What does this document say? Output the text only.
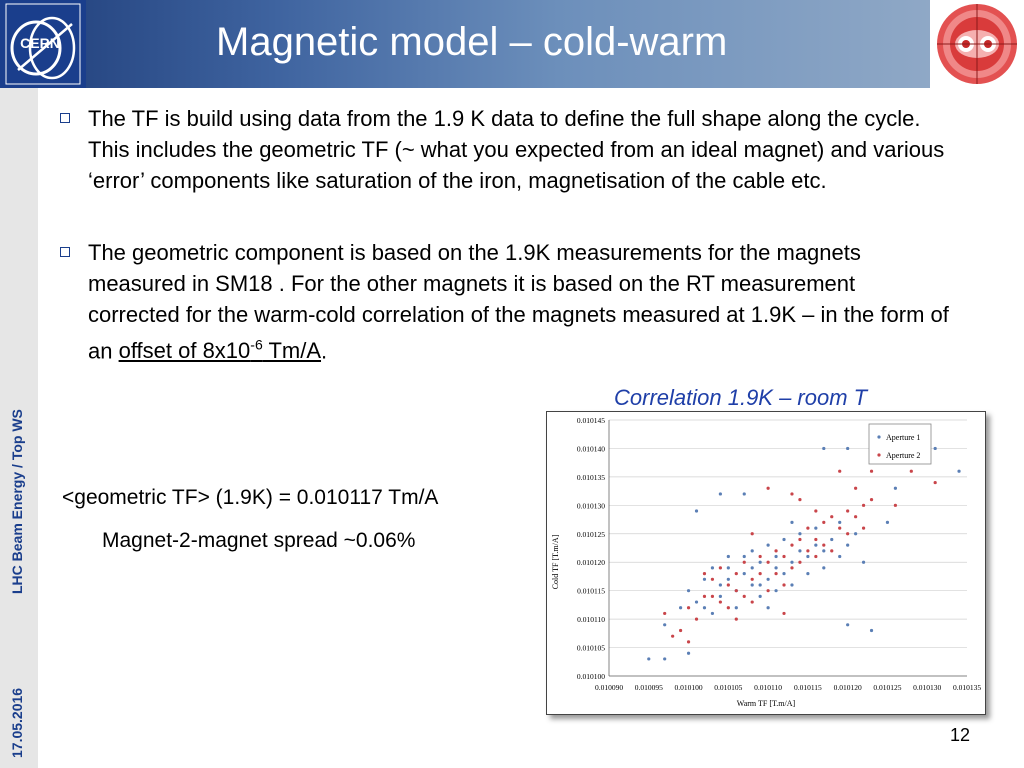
CERN	Magnetic model – cold-warm
LHC Beam Energy / Top WS
17.05.2016
The TF is build using data from the 1.9 K data to define the full shape along the cycle. This includes the geometric TF (~ what you expected from an ideal magnet) and various ‘error’ components like saturation of the iron, magnetisation of the cable etc.
The geometric component is based on the 1.9K measurements for the magnets measured in SM18 . For the other magnets it is based on the RT measurement corrected for the warm-cold correlation of the magnets measured at 1.9K – in the form of an offset of $8x10^{-6}$ Tm/A.
Correlation 1.9K – room T
<geometric TF> (1.9K) = 0.010117 Tm/A
Magnet-2-magnet spread ~0.06%
0.010100
0.010105
0.010110
0.010115
0.010120
0.010125
0.010130
0.010135
0.010140
0.010145
0.010090 0.010095 0.010100 0.010105 0.010110 0.010115 0.010120 0.010125 0.010130 0.010135
Aperture 1
Aperture 2
Warm TF [T.m/A]
Cold TF [T.m/A]
12
